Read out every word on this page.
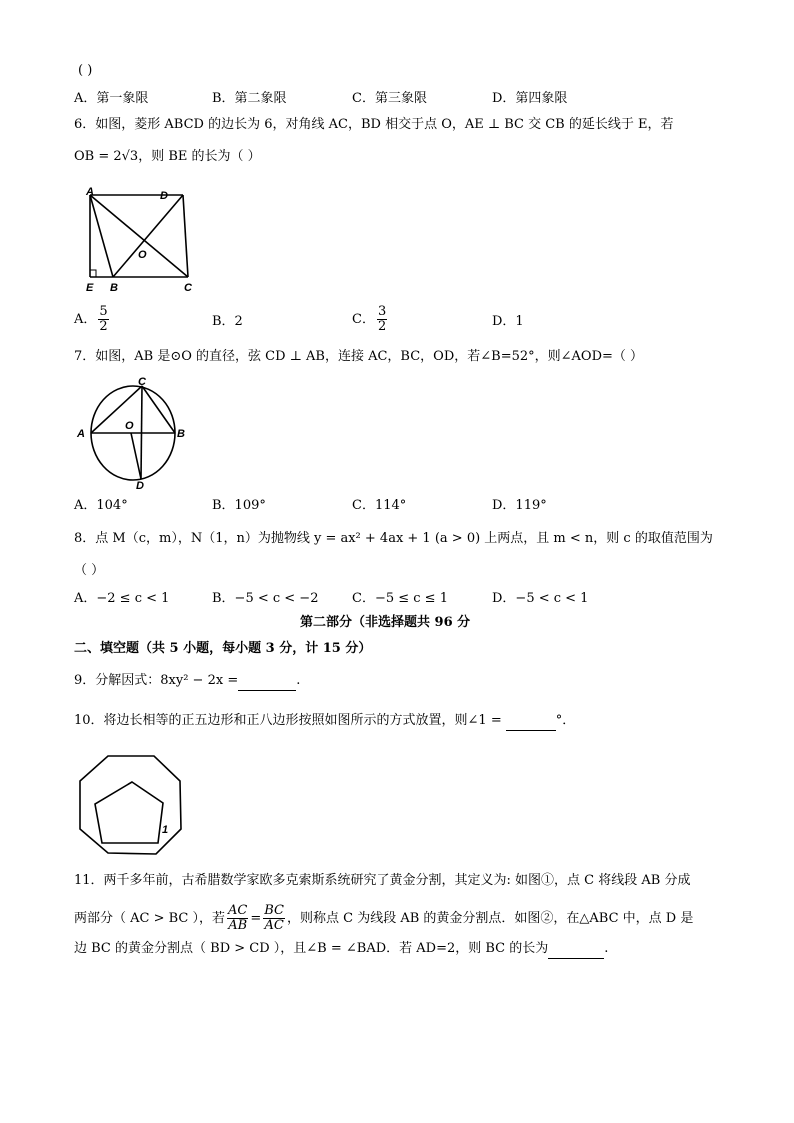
( )
A．第一象限	B．第二象限	C．第三象限	D．第四象限
6．如图，菱形 ABCD 的边长为 6，对角线 AC，BD 相交于点 O，AE ⊥ BC 交 CB 的延长线于 E，若
OB = 2√3，则 BE 的长为（ ）
A	D
O
E B	C
A． $\frac{5}{2}$	B．2	C． $\frac{3}{2}$	D．1
7．如图，AB 是⊙O 的直径，弦 CD ⊥ AB，连接 AC，BC，OD，若∠B=52°，则∠AOD=（ ）
A	B
C
D
O
A．104°	B．109°	C．114°	D．119°
8．点 M（c，m），N（1，n）为抛物线 y = ax² + 4ax + 1 (a > 0) 上两点，且 m < n，则 c 的取值范围为
（ ）
A．−2 ≤ c < 1	B．−5 < c < −2	C．−5 ≤ c ≤ 1	D．−5 < c < 1
第二部分（非选择题共 96 分
二、填空题（共 5 小题，每小题 3 分，计 15 分）
9．分解因式：8xy² − 2x =	.
10．将边长相等的正五边形和正八边形按照如图所示的方式放置，则∠1 =	°．
1
11．两千多年前，古希腊数学家欧多克索斯系统研究了黄金分割，其定义为: 如图①，点 C 将线段 AB 分成
两部分（ AC > BC ），若 $\frac{AC}{AB} = \frac{BC}{AC}$ ，则称点 C 为线段 AB 的黄金分割点．如图②，在△ABC 中，点 D 是
边 BC 的黄金分割点（ BD > CD ），且∠B = ∠BAD．若 AD=2，则 BC 的长为	.
